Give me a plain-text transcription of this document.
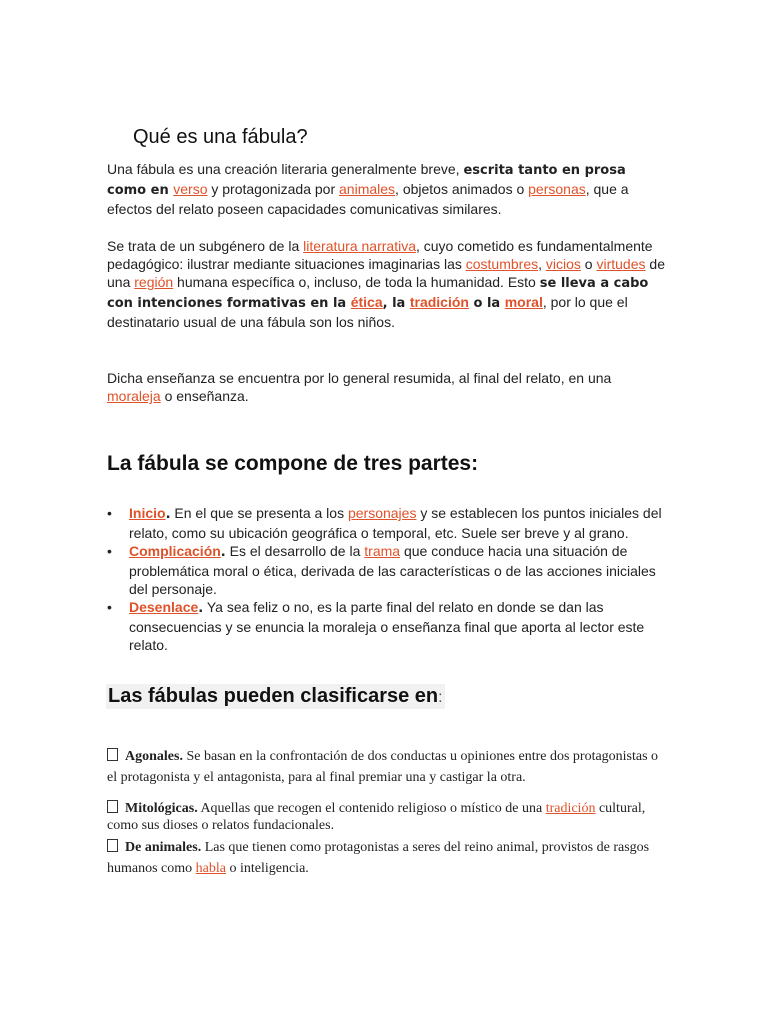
Qué es una fábula?

Una fábula es una creación literaria generalmente breve, escrita tanto en prosa como en verso y protagonizada por animales, objetos animados o personas, que a efectos del relato poseen capacidades comunicativas similares.

Se trata de un subgénero de la literatura narrativa, cuyo cometido es fundamentalmente pedagógico: ilustrar mediante situaciones imaginarias las costumbres, vicios o virtudes de una región humana específica o, incluso, de toda la humanidad. Esto se lleva a cabo con intenciones formativas en la ética, la tradición o la moral, por lo que el destinatario usual de una fábula son los niños.

Dicha enseñanza se encuentra por lo general resumida, al final del relato, en una moraleja o enseñanza.

La fábula se compone de tres partes:
• Inicio. En el que se presenta a los personajes y se establecen los puntos iniciales del relato, como su ubicación geográfica o temporal, etc. Suele ser breve y al grano.
• Complicación. Es el desarrollo de la trama que conduce hacia una situación de problemática moral o ética, derivada de las características o de las acciones iniciales del personaje.
• Desenlace. Ya sea feliz o no, es la parte final del relato en donde se dan las consecuencias y se enuncia la moraleja o enseñanza final que aporta al lector este relato.
Las fábulas pueden clasificarse en:

Agonales. Se basan en la confrontación de dos conductas u opiniones entre dos protagonistas o el protagonista y el antagonista, para al final premiar una y castigar la otra.

Mitológicas. Aquellas que recogen el contenido religioso o místico de una tradición cultural, como sus dioses o relatos fundacionales.

De animales. Las que tienen como protagonistas a seres del reino animal, provistos de rasgos humanos como habla o inteligencia.
